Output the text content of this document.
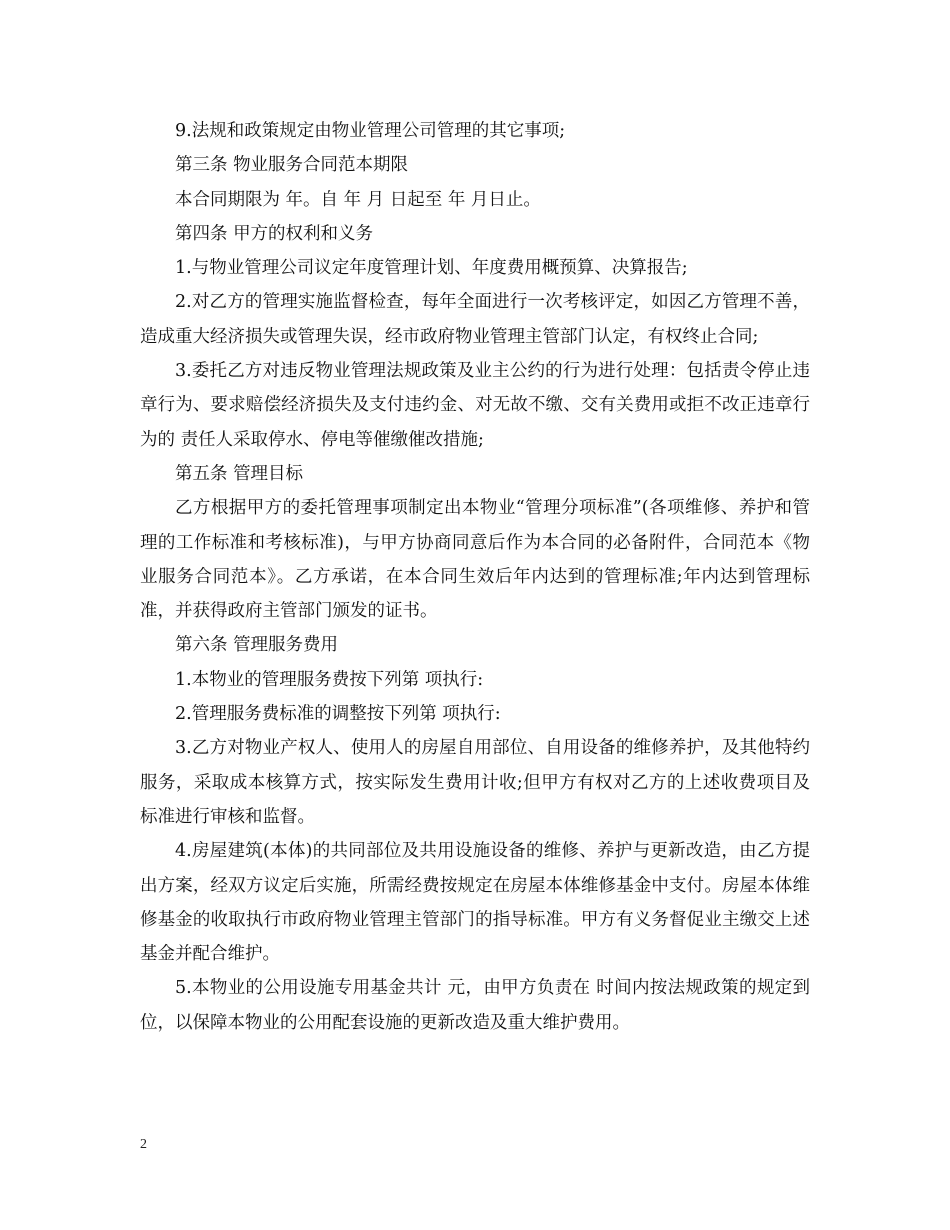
9.法规和政策规定由物业管理公司管理的其它事项;

第三条 物业服务合同范本期限

本合同期限为 年。自 年 月 日起至 年 月日止。

第四条 甲方的权利和义务

1.与物业管理公司议定年度管理计划、年度费用概预算、决算报告;

2.对乙方的管理实施监督检查，每年全面进行一次考核评定，如因乙方管理不善，造成重大经济损失或管理失误，经市政府物业管理主管部门认定，有权终止合同;

3.委托乙方对违反物业管理法规政策及业主公约的行为进行处理：包括责令停止违章行为、要求赔偿经济损失及支付违约金、对无故不缴、交有关费用或拒不改正违章行为的 责任人采取停水、停电等催缴催改措施;

第五条 管理目标

乙方根据甲方的委托管理事项制定出本物业“管理分项标准”(各项维修、养护和管理的工作标准和考核标准)，与甲方协商同意后作为本合同的必备附件，合同范本《物业服务合同范本》。乙方承诺，在本合同生效后年内达到的管理标准;年内达到管理标准，并获得政府主管部门颁发的证书。

第六条 管理服务费用

1.本物业的管理服务费按下列第 项执行:

2.管理服务费标准的调整按下列第 项执行:

3.乙方对物业产权人、使用人的房屋自用部位、自用设备的维修养护，及其他特约服务，采取成本核算方式，按实际发生费用计收;但甲方有权对乙方的上述收费项目及标准进行审核和监督。

4.房屋建筑(本体)的共同部位及共用设施设备的维修、养护与更新改造，由乙方提出方案，经双方议定后实施，所需经费按规定在房屋本体维修基金中支付。房屋本体维修基金的收取执行市政府物业管理主管部门的指导标准。甲方有义务督促业主缴交上述基金并配合维护。

5.本物业的公用设施专用基金共计 元，由甲方负责在 时间内按法规政策的规定到位，以保障本物业的公用配套设施的更新改造及重大维护费用。

2
